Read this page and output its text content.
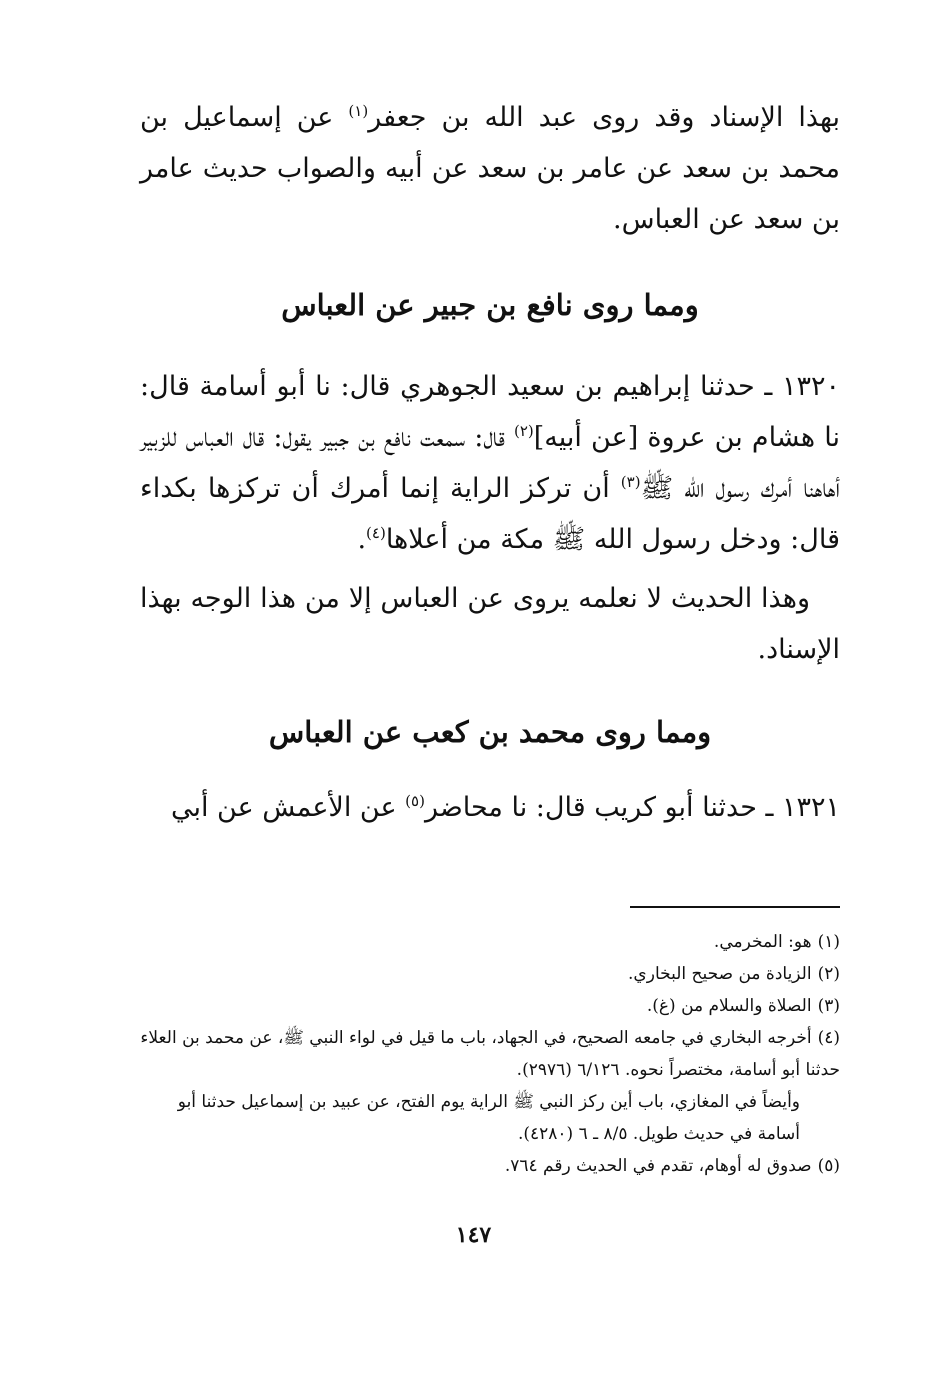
بهذا الإسناد وقد روى عبد الله بن جعفر$^{(١)}$ عن إسماعيل بن محمد بن سعد عن عامر بن سعد عن أبيه والصواب حديث عامر بن سعد عن العباس.

ومما روى نافع بن جبير عن العباس

١٣٢٠ ـ حدثنا إبراهيم بن سعيد الجوهري قال: نا أبو أسامة قال: نا هشام بن عروة [عن أبيه]$^{(٢)}$ قال: سمعت نافع بن جبير يقول: قال العباس للزبير أهاهنا أمرك رسول الله ﷺ$^{(٣)}$ أن تركز الراية إنما أمرك أن تركزها بكداء قال: ودخل رسول الله ﷺ مكة من أعلاها$^{(٤)}$.

وهذا الحديث لا نعلمه يروى عن العباس إلا من هذا الوجه بهذا الإسناد.

ومما روى محمد بن كعب عن العباس

١٣٢١ ـ حدثنا أبو كريب قال: نا محاضر$^{(٥)}$ عن الأعمش عن أبي

(١)هو: المخرمي.

(٢)الزيادة من صحيح البخاري.

(٣)الصلاة والسلام من (غ).

(٤)أخرجه البخاري في جامعه الصحيح، في الجهاد، باب ما قيل في لواء النبي ﷺ، عن محمد بن العلاء حدثنا أبو أسامة، مختصراً نحوه. ٦/١٢٦ (٢٩٧٦).

وأيضاً في المغازي، باب أين ركز النبي ﷺ الراية يوم الفتح، عن عبيد بن إسماعيل حدثنا أبو أسامة في حديث طويل. ٨/٥ ـ ٦ (٤٢٨٠).

(٥)صدوق له أوهام، تقدم في الحديث رقم ٧٦٤.

١٤٧
